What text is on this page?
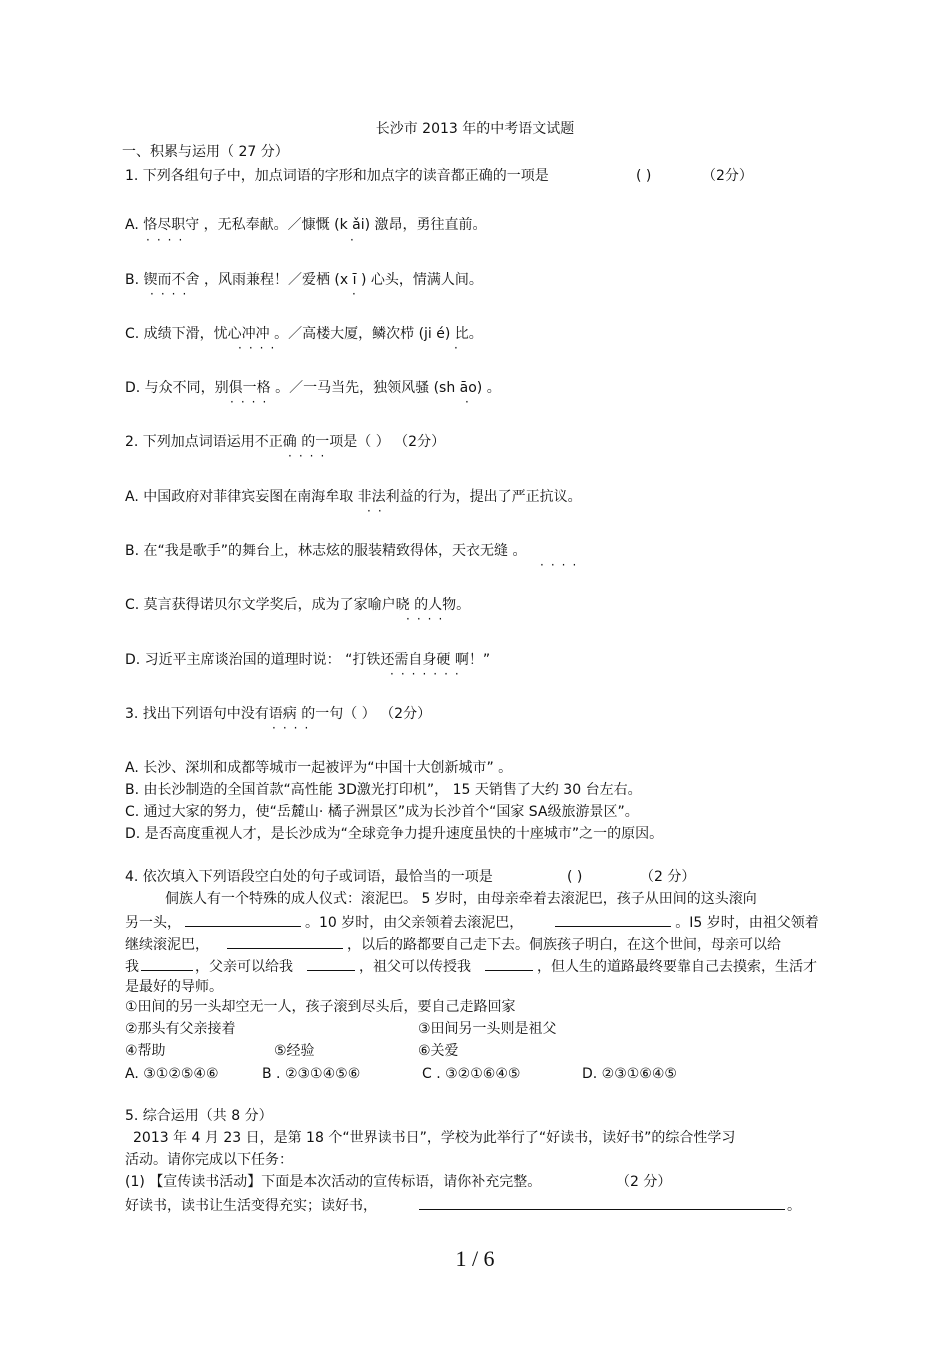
长沙市 2013 年的中考语文试题
一、积累与运用（ 27 分）
1. 下列各组句子中，加点词语的字形和加点字的读音都正确的一项是	( )	（2分）
A. 恪尽职守 ，无私奉献。／慷慨 (k ǎi) 激昂，勇往直前。
····	·
B. 锲而不舍 ，风雨兼程！／爱栖 (x ī ) 心头，情满人间。
····	·
C. 成绩下滑，忧心冲冲 。／高楼大厦，鳞次栉 (ji é) 比。
····	·
D. 与众不同，别俱一格 。／一马当先，独领风骚 (sh āo) 。
····	·
2. 下列加点词语运用不正确 的一项是（ ） （2分）
····
A. 中国政府对菲律宾妄图在南海牟取 非法利益的行为，提出了严正抗议。
··
B. 在“我是歌手”的舞台上，林志炫的服装精致得体，天衣无缝 。
····
C. 莫言获得诺贝尔文学奖后，成为了家喻户晓 的人物。
····
D. 习近平主席谈治国的道理时说： “打铁还需自身硬 啊！”
·······
3. 找出下列语句中没有语病 的一句（ ） （2分）
····
A. 长沙、深圳和成都等城市一起被评为“中国十大创新城市” 。
B. 由长沙制造的全国首款“高性能 3D激光打印机”， 15 天销售了大约 30 台左右。
C. 通过大家的努力，使“岳麓山· 橘子洲景区”成为长沙首个“国家 SA级旅游景区”。
D. 是否高度重视人才，是长沙成为“全球竞争力提升速度虽快的十座城市”之一的原因。
4. 依次填入下列语段空白处的句子或词语，最恰当的一项是	( )	（2 分）
侗族人有一个特殊的成人仪式：滚泥巴。 5 岁时，由母亲牵着去滚泥巴，孩子从田间的这头滚向
另一头，	。10 岁时，由父亲领着去滚泥巴，	。I5 岁时，由祖父领着
继续滚泥巴，	，以后的路都要自己走下去。侗族孩子明白，在这个世间，母亲可以给
我	，父亲可以给我	，祖父可以传授我	，但人生的道路最终要靠自己去摸索，生活才
是最好的导师。
①田间的另一头却空无一人，孩子滚到尽头后，要自己走路回家
②那头有父亲接着	③田间另一头则是祖父
④帮助	⑤经验	⑥关爱
A. ③①②⑤④⑥	B . ②③①④⑤⑥	C . ③②①⑥④⑤	D. ②③①⑥④⑤
5. 综合运用（共 8 分）
2013 年 4 月 23 日，是第 18 个“世界读书日”，学校为此举行了“好读书，读好书”的综合性学习
活动。请你完成以下任务：
(1) 【宣传读书活动】下面是本次活动的宣传标语，请你补充完整。	（2 分）
好读书，读书让生活变得充实；读好书，	。
1 / 6
